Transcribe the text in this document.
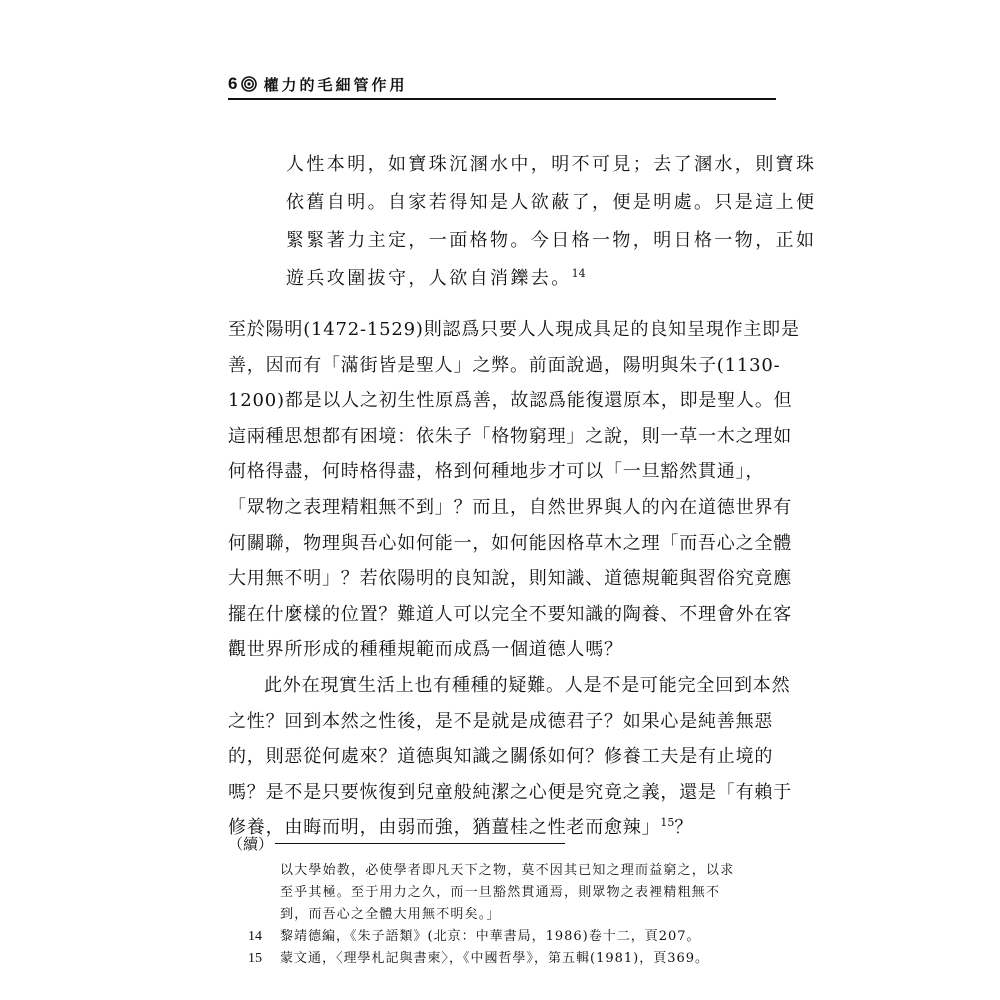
6 權力的毛細管作用
人性本明，如寶珠沉溷水中，明不可見；去了溷水，則寶珠
依舊自明。自家若得知是人欲蔽了，便是明處。只是這上便
緊緊著力主定，一面格物。今日格一物，明日格一物，正如
遊兵攻圍拔守，人欲自消鑠去。$^{14}$
至於陽明(1472-1529)則認爲只要人人現成具足的良知呈現作主即是
善，因而有「滿街皆是聖人」之弊。前面說過，陽明與朱子(1130-
1200)都是以人之初生性原爲善，故認爲能復還原本，即是聖人。但
這兩種思想都有困境：依朱子「格物窮理」之說，則一草一木之理如
何格得盡，何時格得盡，格到何種地步才可以「一旦豁然貫通」，
「眾物之表理精粗無不到」？而且，自然世界與人的內在道德世界有
何關聯，物理與吾心如何能一，如何能因格草木之理「而吾心之全體
大用無不明」？若依陽明的良知說，則知識、道德規範與習俗究竟應
擺在什麼樣的位置？難道人可以完全不要知識的陶養、不理會外在客
觀世界所形成的種種規範而成爲一個道德人嗎？
此外在現實生活上也有種種的疑難。人是不是可能完全回到本然
之性？回到本然之性後，是不是就是成德君子？如果心是純善無惡
的，則惡從何處來？道德與知識之關係如何？修養工夫是有止境的
嗎？是不是只要恢復到兒童般純潔之心便是究竟之義，還是「有賴于
修養，由晦而明，由弱而強，猶薑桂之性老而愈辣」$^{15}$？
（續）
以大學始教，必使學者即凡天下之物，莫不因其已知之理而益窮之，以求
至乎其極。至于用力之久，而一旦豁然貫通焉，則眾物之表裡精粗無不
到，而吾心之全體大用無不明矣。」
14	黎靖德編，《朱子語類》(北京：中華書局，1986)卷十二，頁207。
15	蒙文通，〈理學札記與書柬〉，《中國哲學》，第五輯(1981)，頁369。
